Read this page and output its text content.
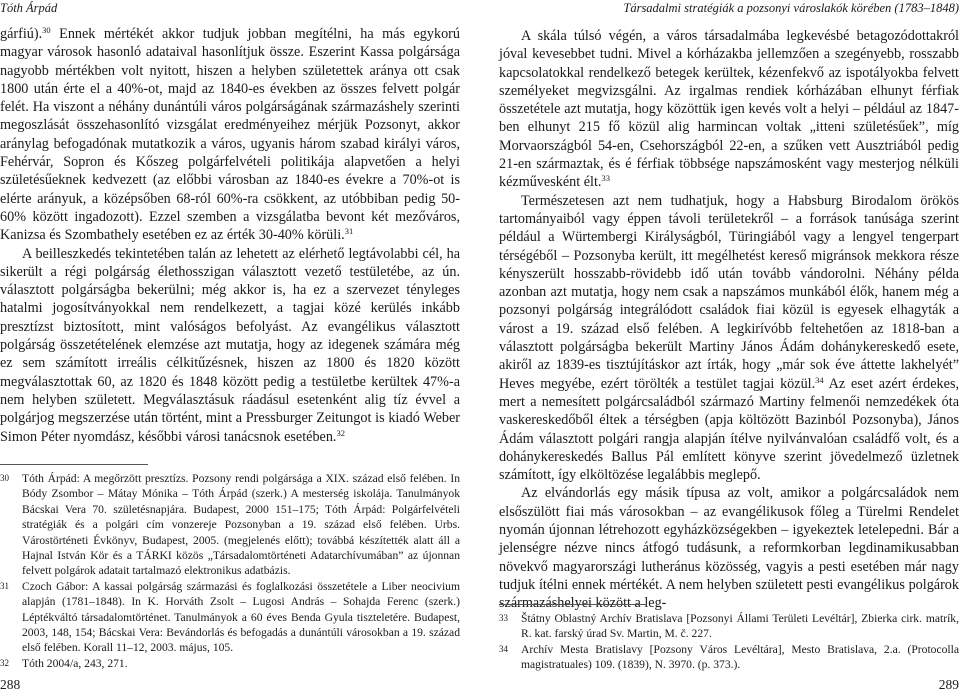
Tóth Árpád

gárfiú).$^{30}$ Ennek mértékét akkor tudjuk jobban megítélni, ha más egykorú magyar városok hasonló adataival hasonlítjuk össze. Eszerint Kassa polgársága nagyobb mértékben volt nyitott, hiszen a helyben születettek aránya ott csak 1800 után érte el a 40%-ot, majd az 1840-es években az összes felvett polgár felét. Ha viszont a néhány dunántúli város polgárságának származáshely szerinti megoszlását összehasonlító vizsgálat eredményeihez mérjük Pozsonyt, akkor aránylag befogadónak mutatkozik a város, ugyanis három szabad királyi város, Fehérvár, Sopron és Kőszeg polgárfelvételi politikája alapvetően a helyi születésűeknek kedvezett (az előbbi városban az 1840-es évekre a 70%-ot is elérte arányuk, a középsőben 68-ról 60%-ra csökkent, az utóbbiban pedig 50-60% között ingadozott). Ezzel szemben a vizsgálatba bevont két mezőváros, Kanizsa és Szombathely esetében ez az érték 30-40% körüli.$^{31}$

A beilleszkedés tekintetében talán az lehetett az elérhető legtávolabbi cél, ha sikerült a régi polgárság élethosszigan választott vezető testületébe, az ún. választott polgárságba bekerülni; még akkor is, ha ez a szervezet tényleges hatalmi jogosítványokkal nem rendelkezett, a tagjai közé kerülés inkább presztízst biztosított, mint valóságos befolyást. Az evangélikus választott polgárság összetételének elemzése azt mutatja, hogy az idegenek számára még ez sem számított irreális célkitűzésnek, hiszen az 1800 és 1820 között megválasztottak 60, az 1820 és 1848 között pedig a testületbe kerültek 47%-a nem helyben született. Megválasztásuk ráadásul esetenként alig tíz évvel a polgárjog megszerzése után történt, mint a Pressburger Zeitungot is kiadó Weber Simon Péter nyomdász, későbbi városi tanácsnok esetében.$^{32}$

30 Tóth Árpád: A megőrzött presztízs. Pozsony rendi polgársága a XIX. század első felében. In Bódy Zsombor – Mátay Mónika – Tóth Árpád (szerk.) A mesterség iskolája. Tanulmányok Bácskai Vera 70. születésnapjára. Budapest, 2000 151–175; Tóth Árpád: Polgárfelvételi stratégiák és a polgári cím vonzereje Pozsonyban a 19. század első felében. Urbs. Várostörténeti Évkönyv, Budapest, 2005. (megjelenés előtt); továbbá készítették alatt áll a Hajnal István Kör és a TÁRKI közös „Társadalomtörténeti Adatarchívumában” az újonnan felvett polgárok adatait tartalmazó elektronikus adatbázis.
31 Czoch Gábor: A kassai polgárság származási és foglalkozási összetétele a Liber neocivium alapján (1781–1848). In K. Horváth Zsolt – Lugosi András – Sohajda Ferenc (szerk.) Léptékváltó társadalomtörténet. Tanulmányok a 60 éves Benda Gyula tiszteletére. Budapest, 2003, 148, 154; Bácskai Vera: Bevándorlás és befogadás a dunántúli városokban a 19. század első felében. Korall 11–12, 2003. május, 105.
32 Tóth 2004/a, 243, 271.
288
Társadalmi stratégiák a pozsonyi városlakók körében (1783–1848)

A skála túlsó végén, a város társadalmába legkevésbé betagozódottakról jóval kevesebbet tudni. Mivel a kórházakba jellemzően a szegényebb, rosszabb kapcsolatokkal rendelkező betegek kerültek, kézenfekvő az ispotályokba felvett személyeket megvizsgálni. Az irgalmas rendiek kórházában elhunyt férfiak összetétele azt mutatja, hogy közöttük igen kevés volt a helyi – például az 1847-ben elhunyt 215 fő közül alig harmincan voltak „itteni születésűek”, míg Morvaországból 54-en, Csehországból 22-en, a szűken vett Ausztriából pedig 21-en származtak, és é férfiak többsége napszámosként vagy mesterjog nélküli kézművesként élt.$^{33}$

Természetesen azt nem tudhatjuk, hogy a Habsburg Birodalom örökös tartományaiból vagy éppen távoli területekről – a források tanúsága szerint például a Würtembergi Királyságból, Türingiából vagy a lengyel tengerpart térségéből – Pozsonyba került, itt megélhetést kereső migránsok mekkora része kényszerült hosszabb-rövidebb idő után tovább vándorolni. Néhány példa azonban azt mutatja, hogy nem csak a napszámos munkából élők, hanem még a pozsonyi polgárság integrálódott családok fiai közül is egyesek elhagyták a várost a 19. század első felében. A legkirívóbb feltehetően az 1818-ban a választott polgárságba bekerült Martiny János Ádám dohánykereskedő esete, akiről az 1839-es tisztújításkor azt írták, hogy „már sok éve áttette lakhelyét” Heves megyébe, ezért törölték a testület tagjai közül.$^{34}$ Az eset azért érdekes, mert a nemesített polgárcsaládból származó Martiny felmenői nemzedékek óta vaskereskedőből éltek a térségben (apja költözött Bazinból Pozsonyba), János Ádám választott polgári rangja alapján ítélve nyilvánvalóan családfő volt, és a dohánykereskedés Ballus Pál említett könyve szerint jövedelmező üzletnek számított, így elköltözése legalábbis meglepő.

Az elvándorlás egy másik típusa az volt, amikor a polgárcsaládok nem elsőszülött fiai más városokban – az evangélikusok főleg a Türelmi Rendelet nyomán újonnan létrehozott egyházközségekben – igyekeztek letelepedni. Bár a jelenségre nézve nincs átfogó tudásunk, a reformkorban legdinamikusabban növekvő magyarországi lutheránus közösség, vagyis a pesti esetében már nagy tudjuk ítélni ennek mértékét. A nem helyben született pesti evangélikus polgárok származáshelyei között a leg-

33 Štátny Oblastný Archív Bratislava [Pozsonyi Állami Területi Levéltár], Zbierka cirk. matrík, R. kat. farský úrad Sv. Martin, M. č. 227.
34 Archív Mesta Bratislavy [Pozsony Város Levéltára], Mesto Bratislava, 2.a. (Protocolla magistratuales) 109. (1839), N. 3970. (p. 373.).
289
